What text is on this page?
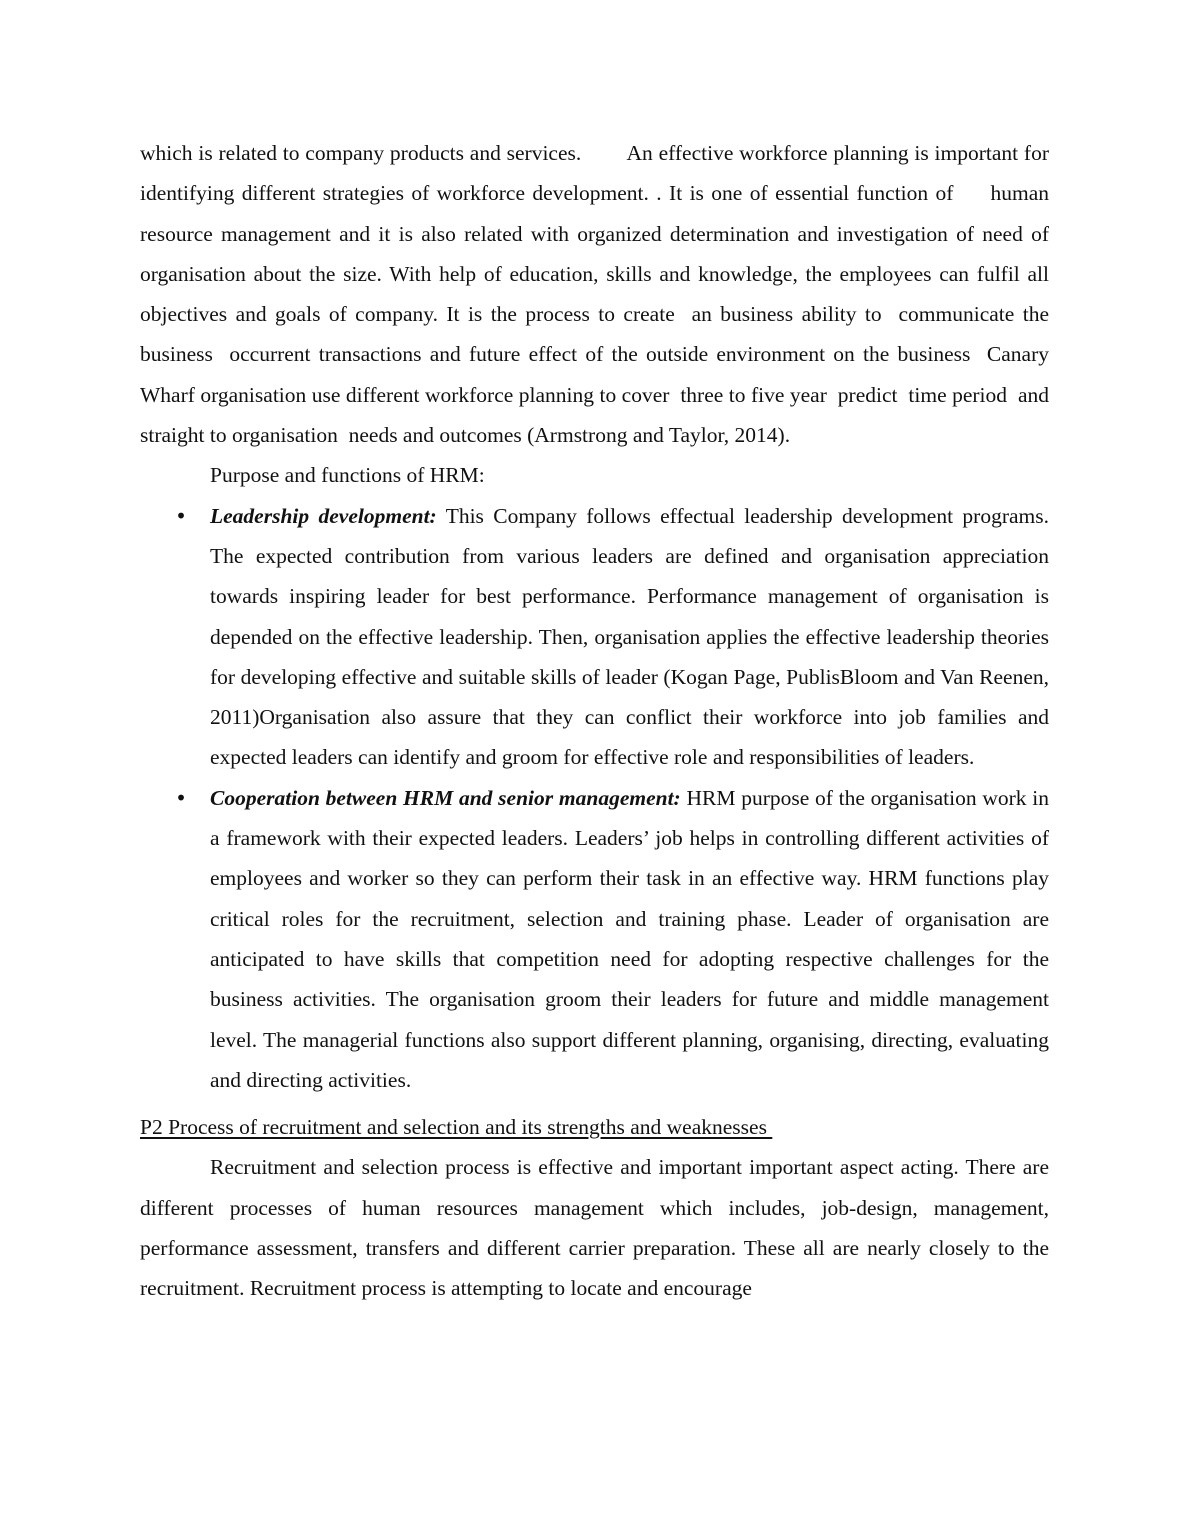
which is related to company products and services.        An effective workforce planning is important for identifying different strategies of workforce development. . It is one of essential function of     human resource management and it is also related with organized determination and investigation of need of organisation about the size. With help of education, skills and knowledge, the employees can fulfil all objectives and goals of company. It is the process to create  an business ability to  communicate the  business  occurrent transactions and future effect of the outside environment on the business  Canary Wharf organisation use different workforce planning to cover  three to five year  predict  time period  and straight to organisation  needs and outcomes (Armstrong and Taylor, 2014).

Purpose and functions of HRM:

• Leadership development: This Company follows effectual leadership development programs. The expected contribution from various leaders are defined and organisation appreciation towards inspiring leader for best performance. Performance management of organisation is depended on the effective leadership. Then, organisation applies the effective leadership theories for developing effective and suitable skills of leader (Kogan Page, PublisBloom and Van Reenen, 2011)Organisation also assure that they can conflict their workforce into job families and expected leaders can identify and groom for effective role and responsibilities of leaders.
• Cooperation between HRM and senior management: HRM purpose of the organisation work in a framework with their expected leaders. Leaders’ job helps in controlling different activities of employees and worker so they can perform their task in an effective way. HRM functions play critical roles for the recruitment, selection and training phase. Leader of organisation are anticipated to have skills that competition need for adopting respective challenges for the business activities. The organisation groom their leaders for future and middle management level. The managerial functions also support different planning, organising, directing, evaluating and directing activities.

P2 Process of recruitment and selection and its strengths and weaknesses

Recruitment and selection process is effective and important important aspect acting. There are different processes of human resources management which includes, job-design, management, performance assessment, transfers and different carrier preparation. These all are nearly closely to the recruitment. Recruitment process is attempting to locate and encourage
